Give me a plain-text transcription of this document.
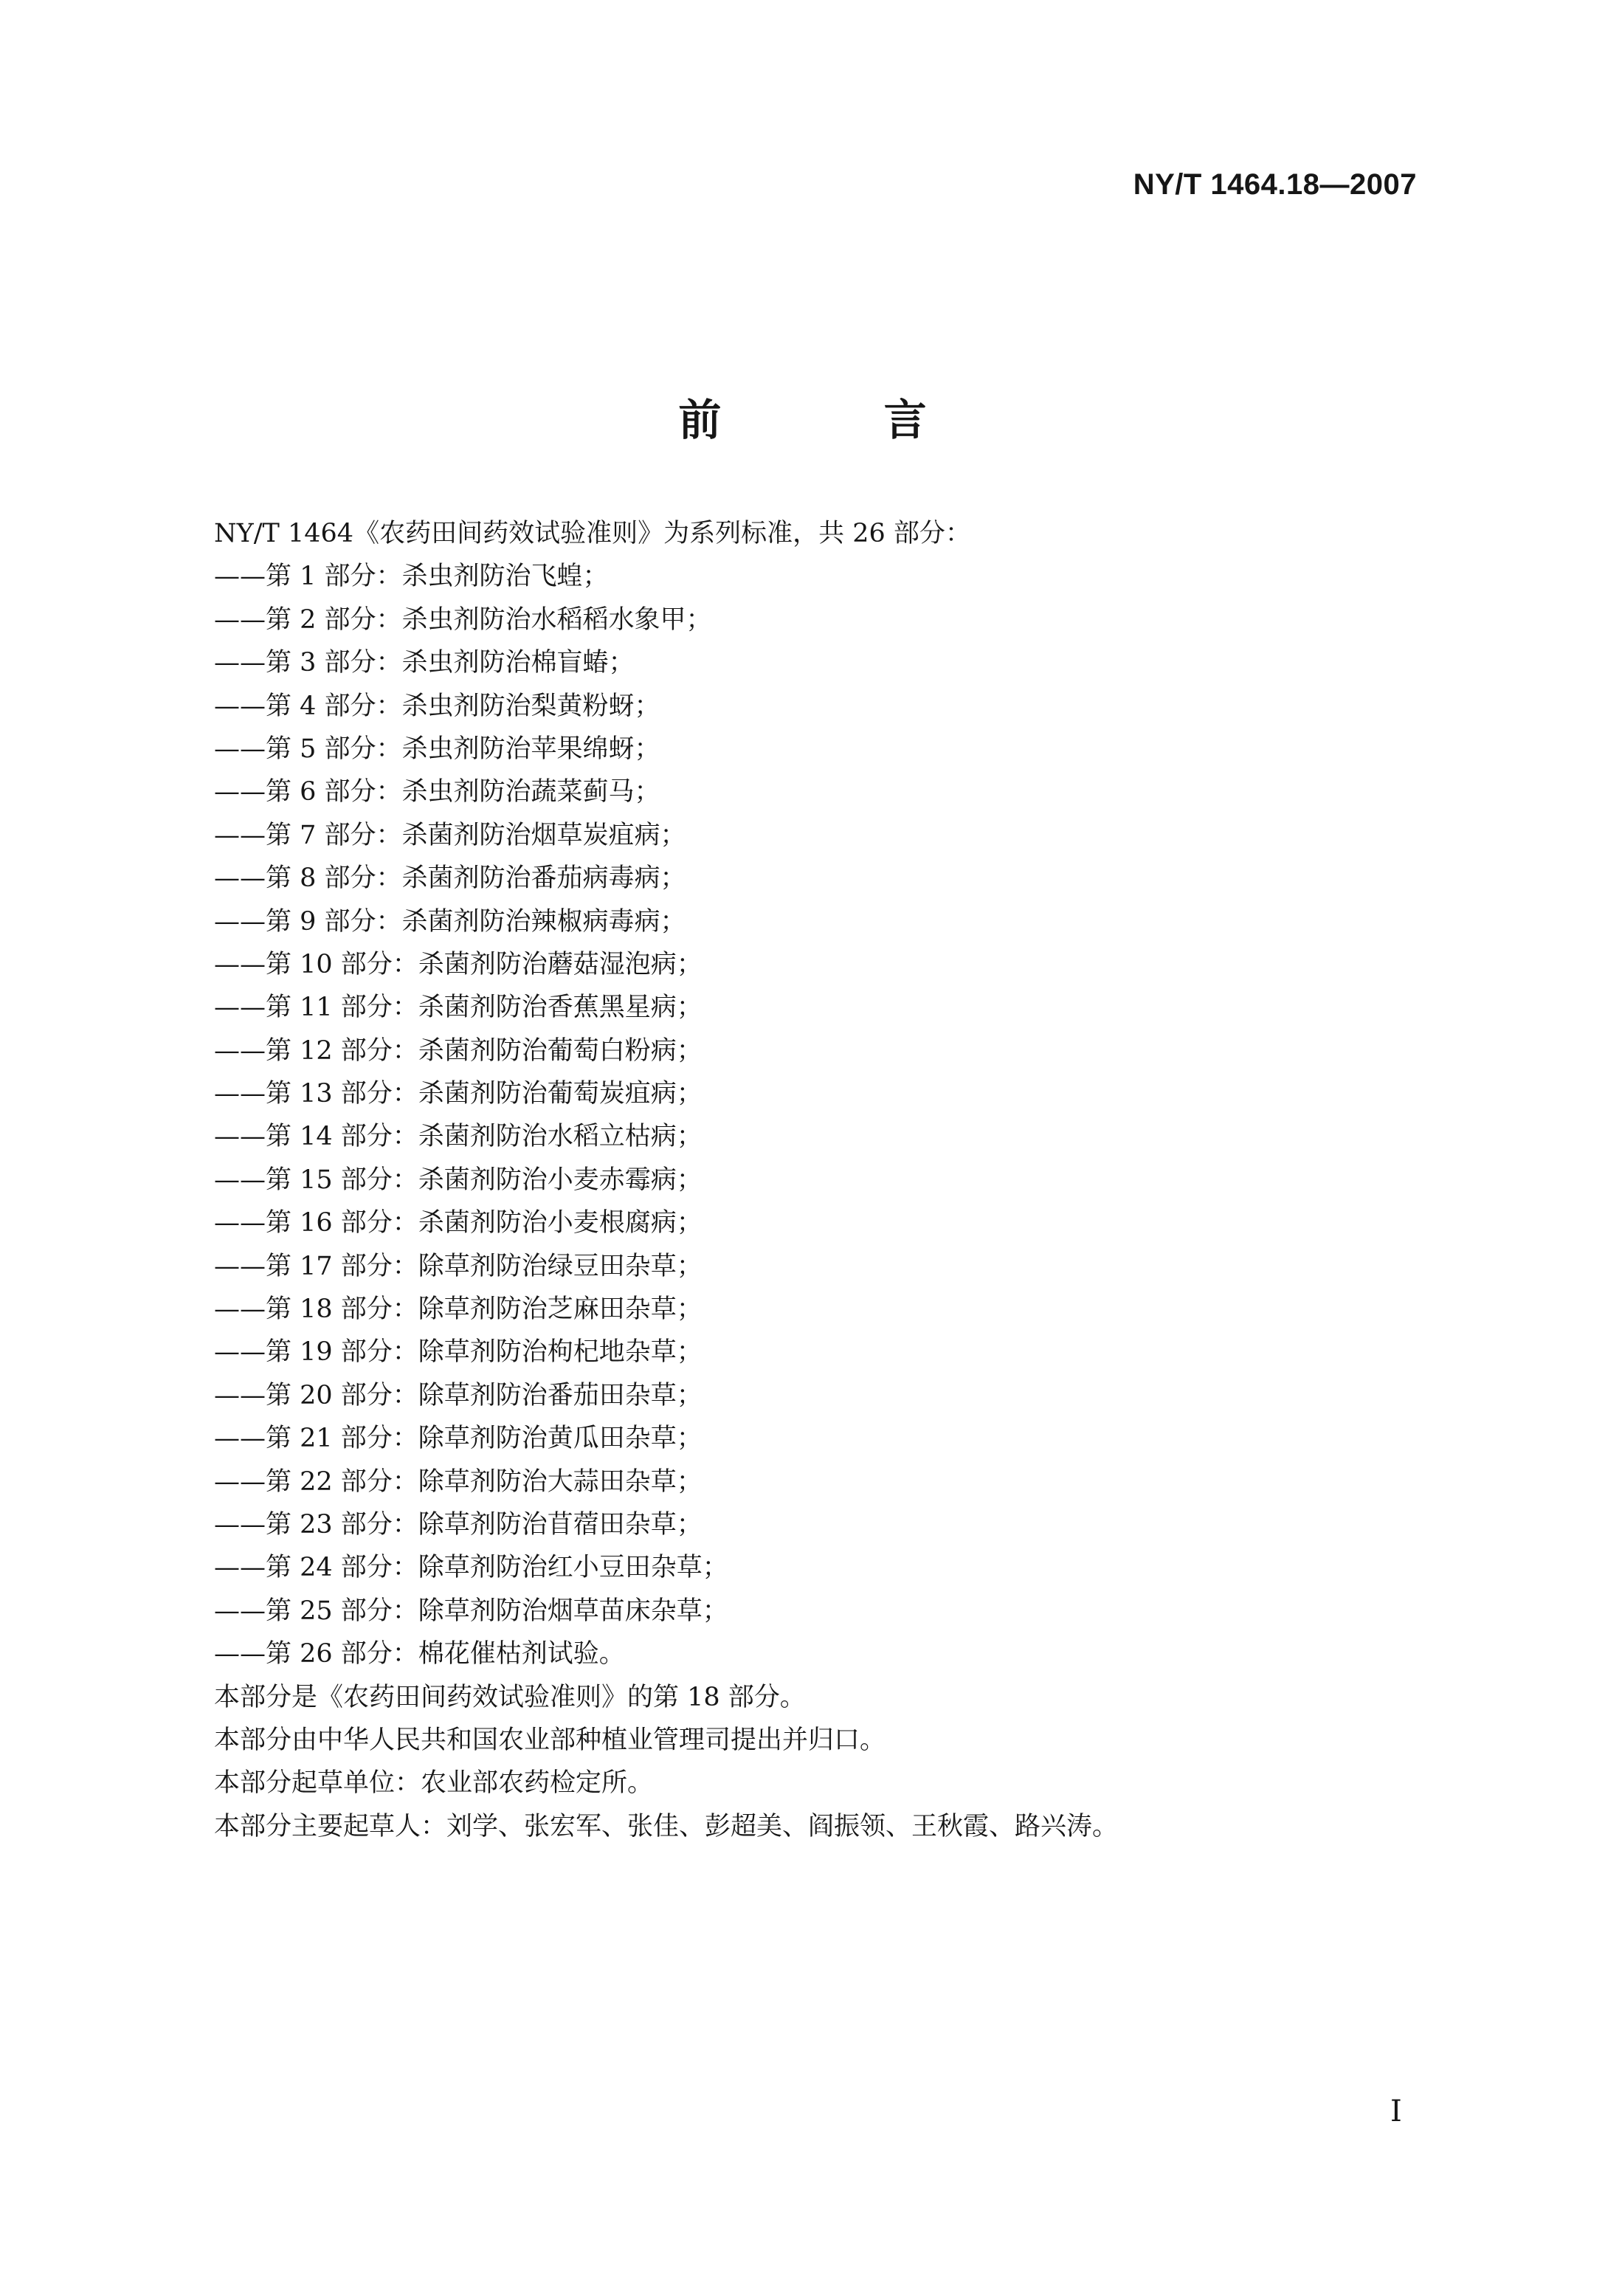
NY/T 1464.18—2007
前 言
NY/T 1464《农药田间药效试验准则》为系列标准，共 26 部分：
——第 1 部分：杀虫剂防治飞蝗；
——第 2 部分：杀虫剂防治水稻稻水象甲；
——第 3 部分：杀虫剂防治棉盲蝽；
——第 4 部分：杀虫剂防治梨黄粉蚜；
——第 5 部分：杀虫剂防治苹果绵蚜；
——第 6 部分：杀虫剂防治蔬菜蓟马；
——第 7 部分：杀菌剂防治烟草炭疽病；
——第 8 部分：杀菌剂防治番茄病毒病；
——第 9 部分：杀菌剂防治辣椒病毒病；
——第 10 部分：杀菌剂防治蘑菇湿泡病；
——第 11 部分：杀菌剂防治香蕉黑星病；
——第 12 部分：杀菌剂防治葡萄白粉病；
——第 13 部分：杀菌剂防治葡萄炭疽病；
——第 14 部分：杀菌剂防治水稻立枯病；
——第 15 部分：杀菌剂防治小麦赤霉病；
——第 16 部分：杀菌剂防治小麦根腐病；
——第 17 部分：除草剂防治绿豆田杂草；
——第 18 部分：除草剂防治芝麻田杂草；
——第 19 部分：除草剂防治枸杞地杂草；
——第 20 部分：除草剂防治番茄田杂草；
——第 21 部分：除草剂防治黄瓜田杂草；
——第 22 部分：除草剂防治大蒜田杂草；
——第 23 部分：除草剂防治苜蓿田杂草；
——第 24 部分：除草剂防治红小豆田杂草；
——第 25 部分：除草剂防治烟草苗床杂草；
——第 26 部分：棉花催枯剂试验。
本部分是《农药田间药效试验准则》的第 18 部分。
本部分由中华人民共和国农业部种植业管理司提出并归口。
本部分起草单位：农业部农药检定所。
本部分主要起草人：刘学、张宏军、张佳、彭超美、阎振领、王秋霞、路兴涛。
I
